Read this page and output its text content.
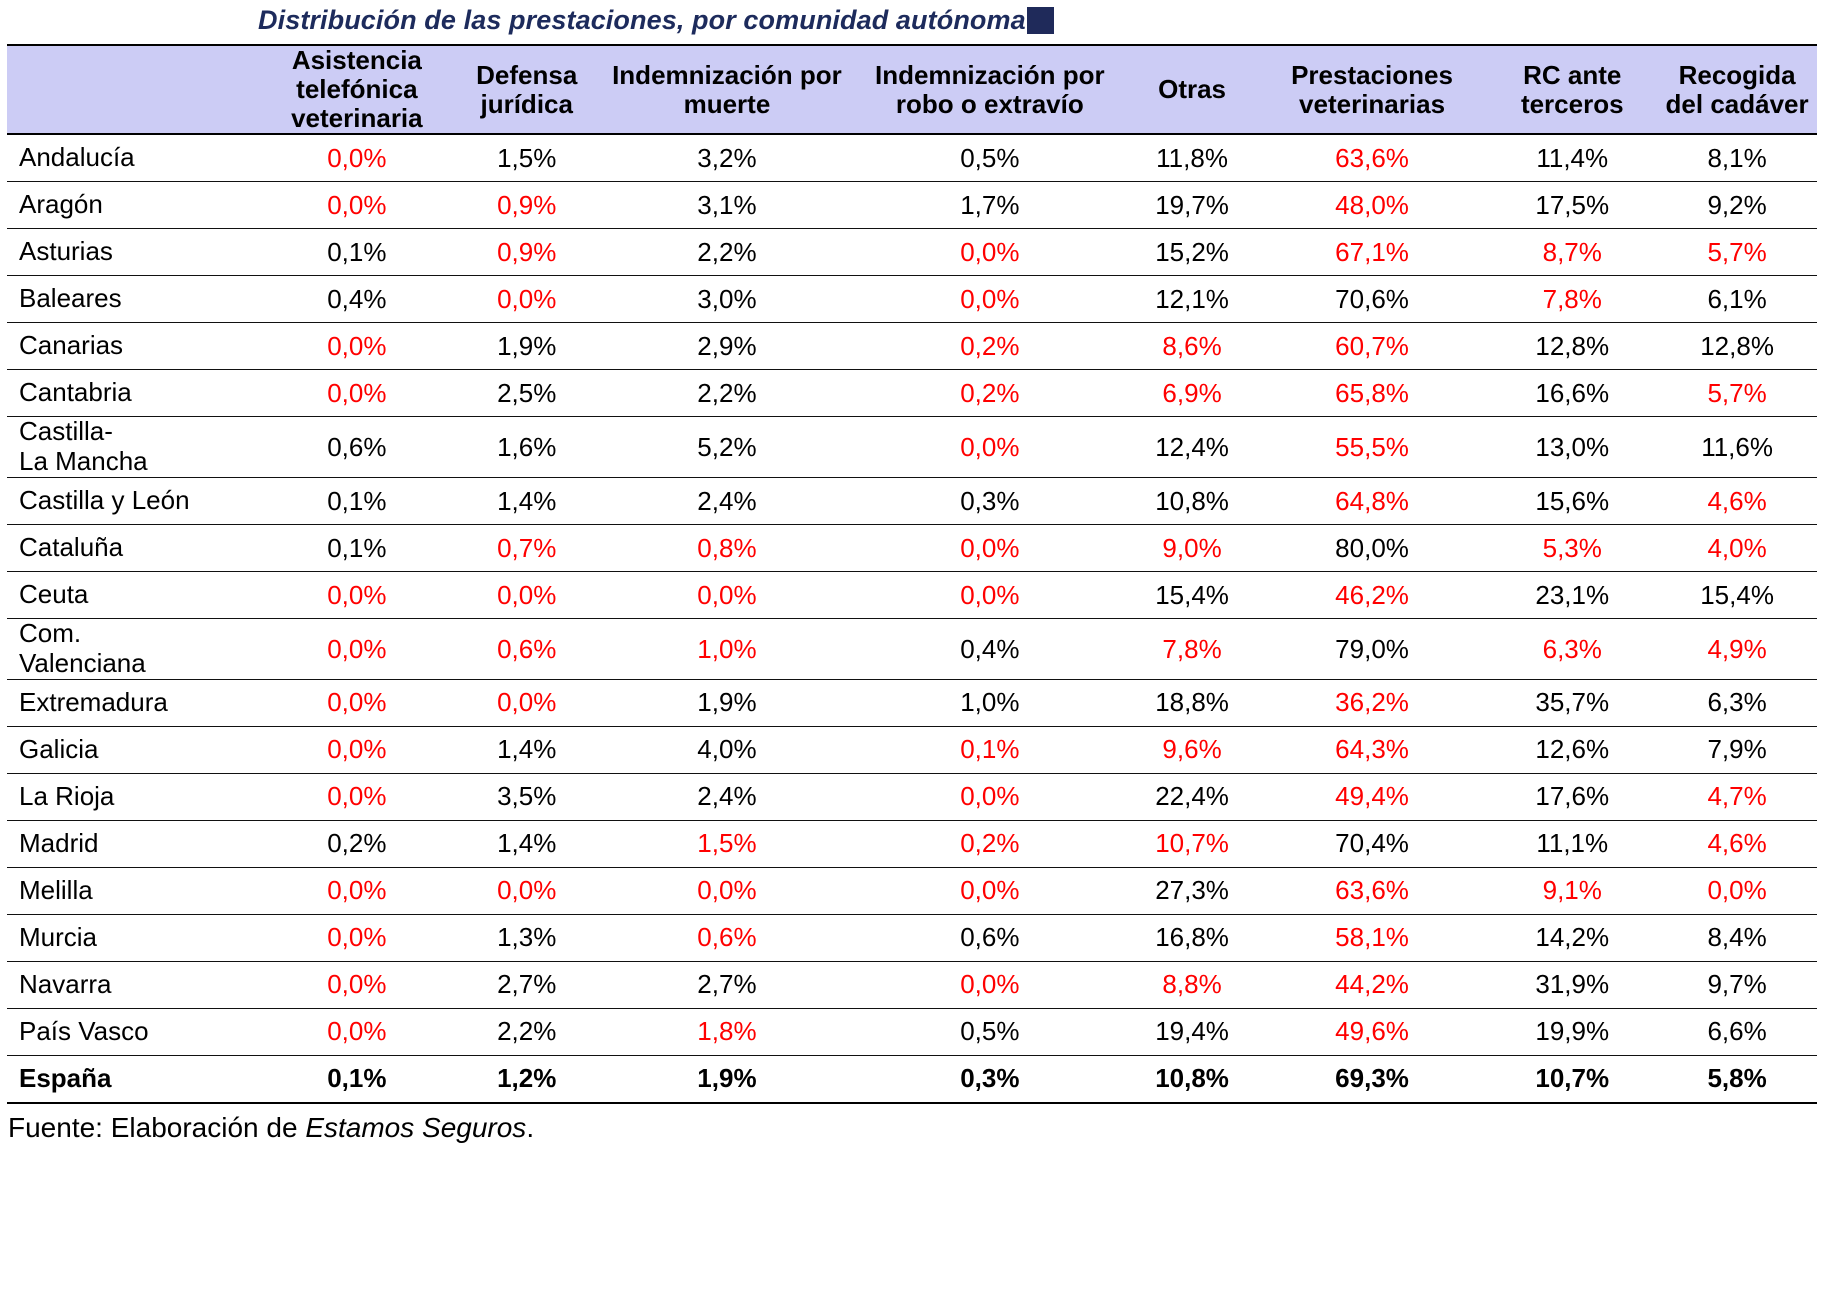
Distribución de las prestaciones, por comunidad autónoma
	Asistencia telefónica veterinaria	Defensa jurídica	Indemnización por muerte	Indemnización por robo o extravío	Otras	Prestaciones veterinarias	RC ante terceros	Recogida del cadáver
Andalucía	0,0%	1,5%	3,2%	0,5%	11,8%	63,6%	11,4%	8,1%
Aragón	0,0%	0,9%	3,1%	1,7%	19,7%	48,0%	17,5%	9,2%
Asturias	0,1%	0,9%	2,2%	0,0%	15,2%	67,1%	8,7%	5,7%
Baleares	0,4%	0,0%	3,0%	0,0%	12,1%	70,6%	7,8%	6,1%
Canarias	0,0%	1,9%	2,9%	0,2%	8,6%	60,7%	12,8%	12,8%
Cantabria	0,0%	2,5%	2,2%	0,2%	6,9%	65,8%	16,6%	5,7%
Castilla-
La Mancha	0,6%	1,6%	5,2%	0,0%	12,4%	55,5%	13,0%	11,6%
Castilla y León	0,1%	1,4%	2,4%	0,3%	10,8%	64,8%	15,6%	4,6%
Cataluña	0,1%	0,7%	0,8%	0,0%	9,0%	80,0%	5,3%	4,0%
Ceuta	0,0%	0,0%	0,0%	0,0%	15,4%	46,2%	23,1%	15,4%
Com.
Valenciana	0,0%	0,6%	1,0%	0,4%	7,8%	79,0%	6,3%	4,9%
Extremadura	0,0%	0,0%	1,9%	1,0%	18,8%	36,2%	35,7%	6,3%
Galicia	0,0%	1,4%	4,0%	0,1%	9,6%	64,3%	12,6%	7,9%
La Rioja	0,0%	3,5%	2,4%	0,0%	22,4%	49,4%	17,6%	4,7%
Madrid	0,2%	1,4%	1,5%	0,2%	10,7%	70,4%	11,1%	4,6%
Melilla	0,0%	0,0%	0,0%	0,0%	27,3%	63,6%	9,1%	0,0%
Murcia	0,0%	1,3%	0,6%	0,6%	16,8%	58,1%	14,2%	8,4%
Navarra	0,0%	2,7%	2,7%	0,0%	8,8%	44,2%	31,9%	9,7%
País Vasco	0,0%	2,2%	1,8%	0,5%	19,4%	49,6%	19,9%	6,6%
España	0,1%	1,2%	1,9%	0,3%	10,8%	69,3%	10,7%	5,8%
Fuente: Elaboración de Estamos Seguros.
